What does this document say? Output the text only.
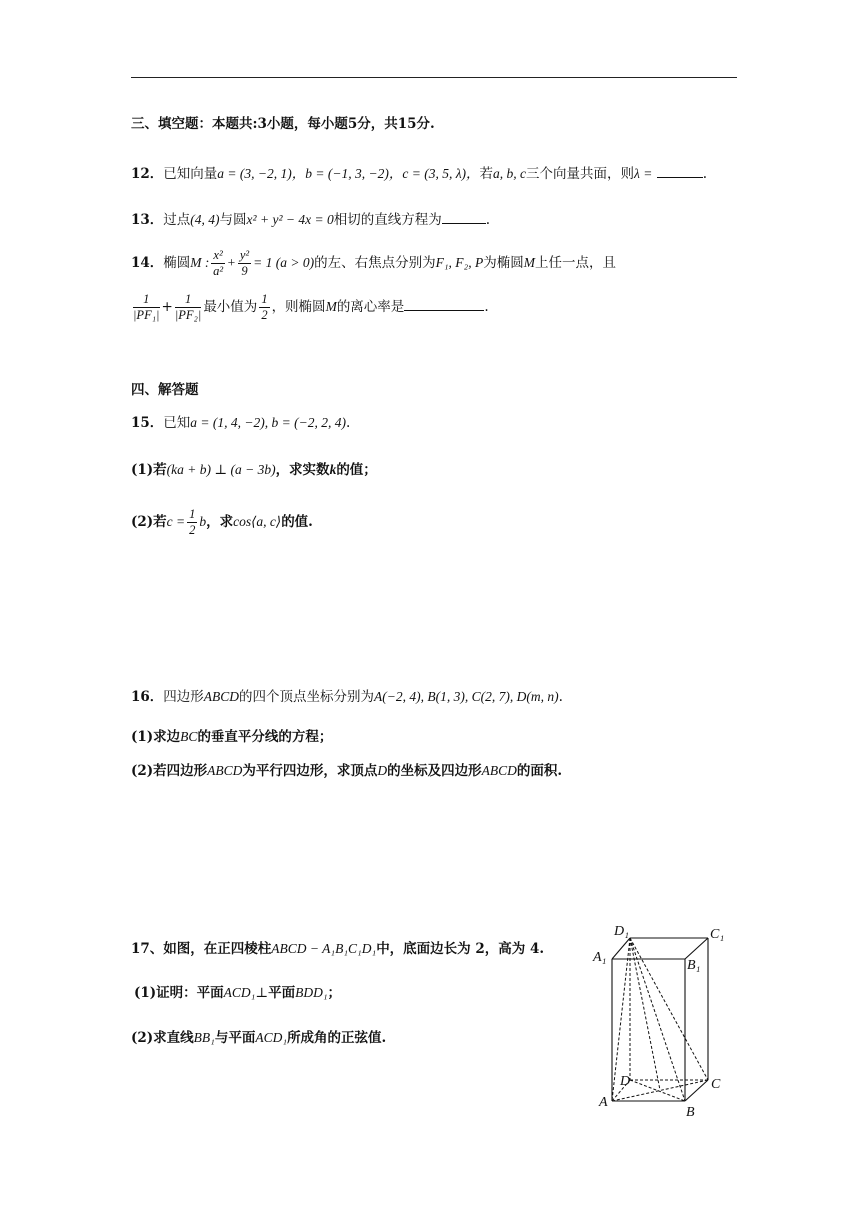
三、填空题：本题共:3小题，每小题5分，共15分.
12．已知向量a = (3, −2, 1)，b = (−1, 3, −2)，c = (3, 5, λ)，若a, b, c三个向量共面，则λ =	.
13．过点(4, 4)与圆x² + y² − 4x = 0相切的直线方程为	.
14．椭圆M : $\frac{\text{x²}}{\text{a²}} + \frac{\text{y²}}{9} = 1$ (a > 0)的左、右焦点分别为F₁, F₂, P为椭圆M上任一点，且
$\frac{1}{\text{|PF₁|}} + \frac{1}{\text{|PF₂|}}$ 最小值为 $\frac{1}{2}$ ，则椭圆M的离心率是	.
四、解答题
15．已知a = (1, 4, −2), b = (−2, 2, 4).
(1)若(ka + b) ⊥ (a − 3b)，求实数k的值；
(2)若$c = \frac{1}{2}$ b，求cos⟨a, c⟩的值.
16．四边形ABCD的四个顶点坐标分别为A(−2, 4), B(1, 3), C(2, 7), D(m, n).
(1)求边BC的垂直平分线的方程；
(2)若四边形ABCD为平行四边形，求顶点D的坐标及四边形ABCD的面积.
17、如图，在正四棱柱ABCD − A₁B₁C₁D₁中，底面边长为 2，高为 4.
(1)证明：平面ACD₁⊥平面BDD₁；
(2)求直线BB₁与平面ACD₁所成角的正弦值.
D₁	C₁
A₁
B₁
D	C
A
B
